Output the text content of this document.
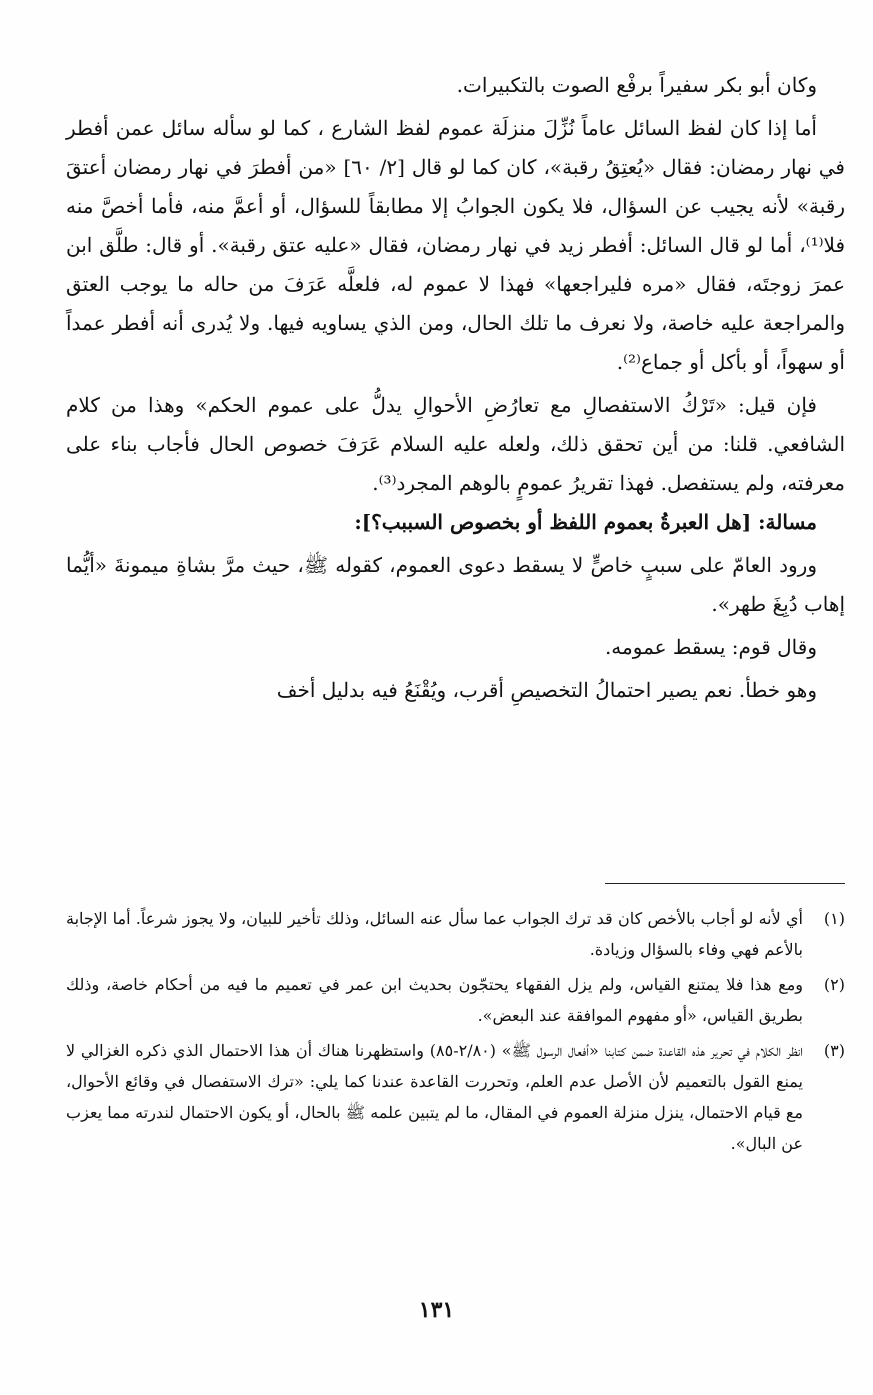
وكان أبو بكر سفيراً برفْع الصوت بالتكبيرات.

أما إذا كان لفظ السائل عاماً نُزِّلَ منزلَة عموم لفظ الشارع ، كما لو سأله سائل عمن أفطر في نهار رمضان: فقال «يُعتِقُ رقبة»، كان كما لو قال [٢/ ٦٠] «من أفطرَ في نهار رمضان أعتقَ رقبة» لأنه يجيب عن السؤال، فلا يكون الجوابُ إلا مطابقاً للسؤال، أو أعمَّ منه، فأما أخصَّ منه فلا⁽¹⁾، أما لو قال السائل: أفطر زيد في نهار رمضان، فقال «عليه عتق رقبة». أو قال: طلَّق ابن عمرَ زوجتَه، فقال «مره فليراجعها» فهذا لا عموم له، فلعلَّه عَرَفَ من حاله ما يوجب العتق والمراجعة عليه خاصة، ولا نعرف ما تلك الحال، ومن الذي يساويه فيها. ولا يُدرى أنه أفطر عمداً أو سهواً، أو بأكل أو جماع⁽²⁾.

فإن قيل: «تَرْكُ الاستفصالِ مع تعارُضِ الأحوالِ يدلُّ على عموم الحكم» وهذا من كلام الشافعي. قلنا: من أين تحقق ذلك، ولعله عليه السلام عَرَفَ خصوص الحال فأجاب بناء على معرفته، ولم يستفصل. فهذا تقريرُ عمومٍ بالوهم المجرد⁽³⁾.

مسالة: [هل العبرةُ بعموم اللفظ أو بخصوص السببب؟]:

ورود العامّ على سببٍ خاصٍّ لا يسقط دعوى العموم، كقوله ﷺ، حيث مرَّ بشاةِ ميمونةَ «أيُّما إهاب دُبِغَ طهر».

وقال قوم: يسقط عمومه.

وهو خطأ. نعم يصير احتمالُ التخصيصِ أقرب، ويُقْنَعُ فيه بدليل أخف

(١)
أي لأنه لو أجاب بالأخص كان قد ترك الجواب عما سأل عنه السائل، وذلك تأخير للبيان، ولا يجوز شرعاً. أما الإجابة بالأعم فهي وفاء بالسؤال وزيادة.
(٢)
ومع هذا فلا يمتنع القياس، ولم يزل الفقهاء يحتجّون بحديث ابن عمر في تعميم ما فيه من أحكام خاصة، وذلك بطريق القياس، «أو مفهوم الموافقة عند البعض».
(٣)
انظر الكلام في تحرير هذه القاعدة ضمن كتابنا «أفعال الرسول ﷺ» (٢/٨٠-٨٥) واستظهرنا هناك أن هذا الاحتمال الذي ذكره الغزالي لا يمنع القول بالتعميم لأن الأصل عدم العلم، وتحررت القاعدة عندنا كما يلي: «ترك الاستفصال في وقائع الأحوال، مع قيام الاحتمال، ينزل منزلة العموم في المقال، ما لم يتبين علمه ﷺ بالحال، أو يكون الاحتمال لندرته مما يعزب عن البال».
١٣١
